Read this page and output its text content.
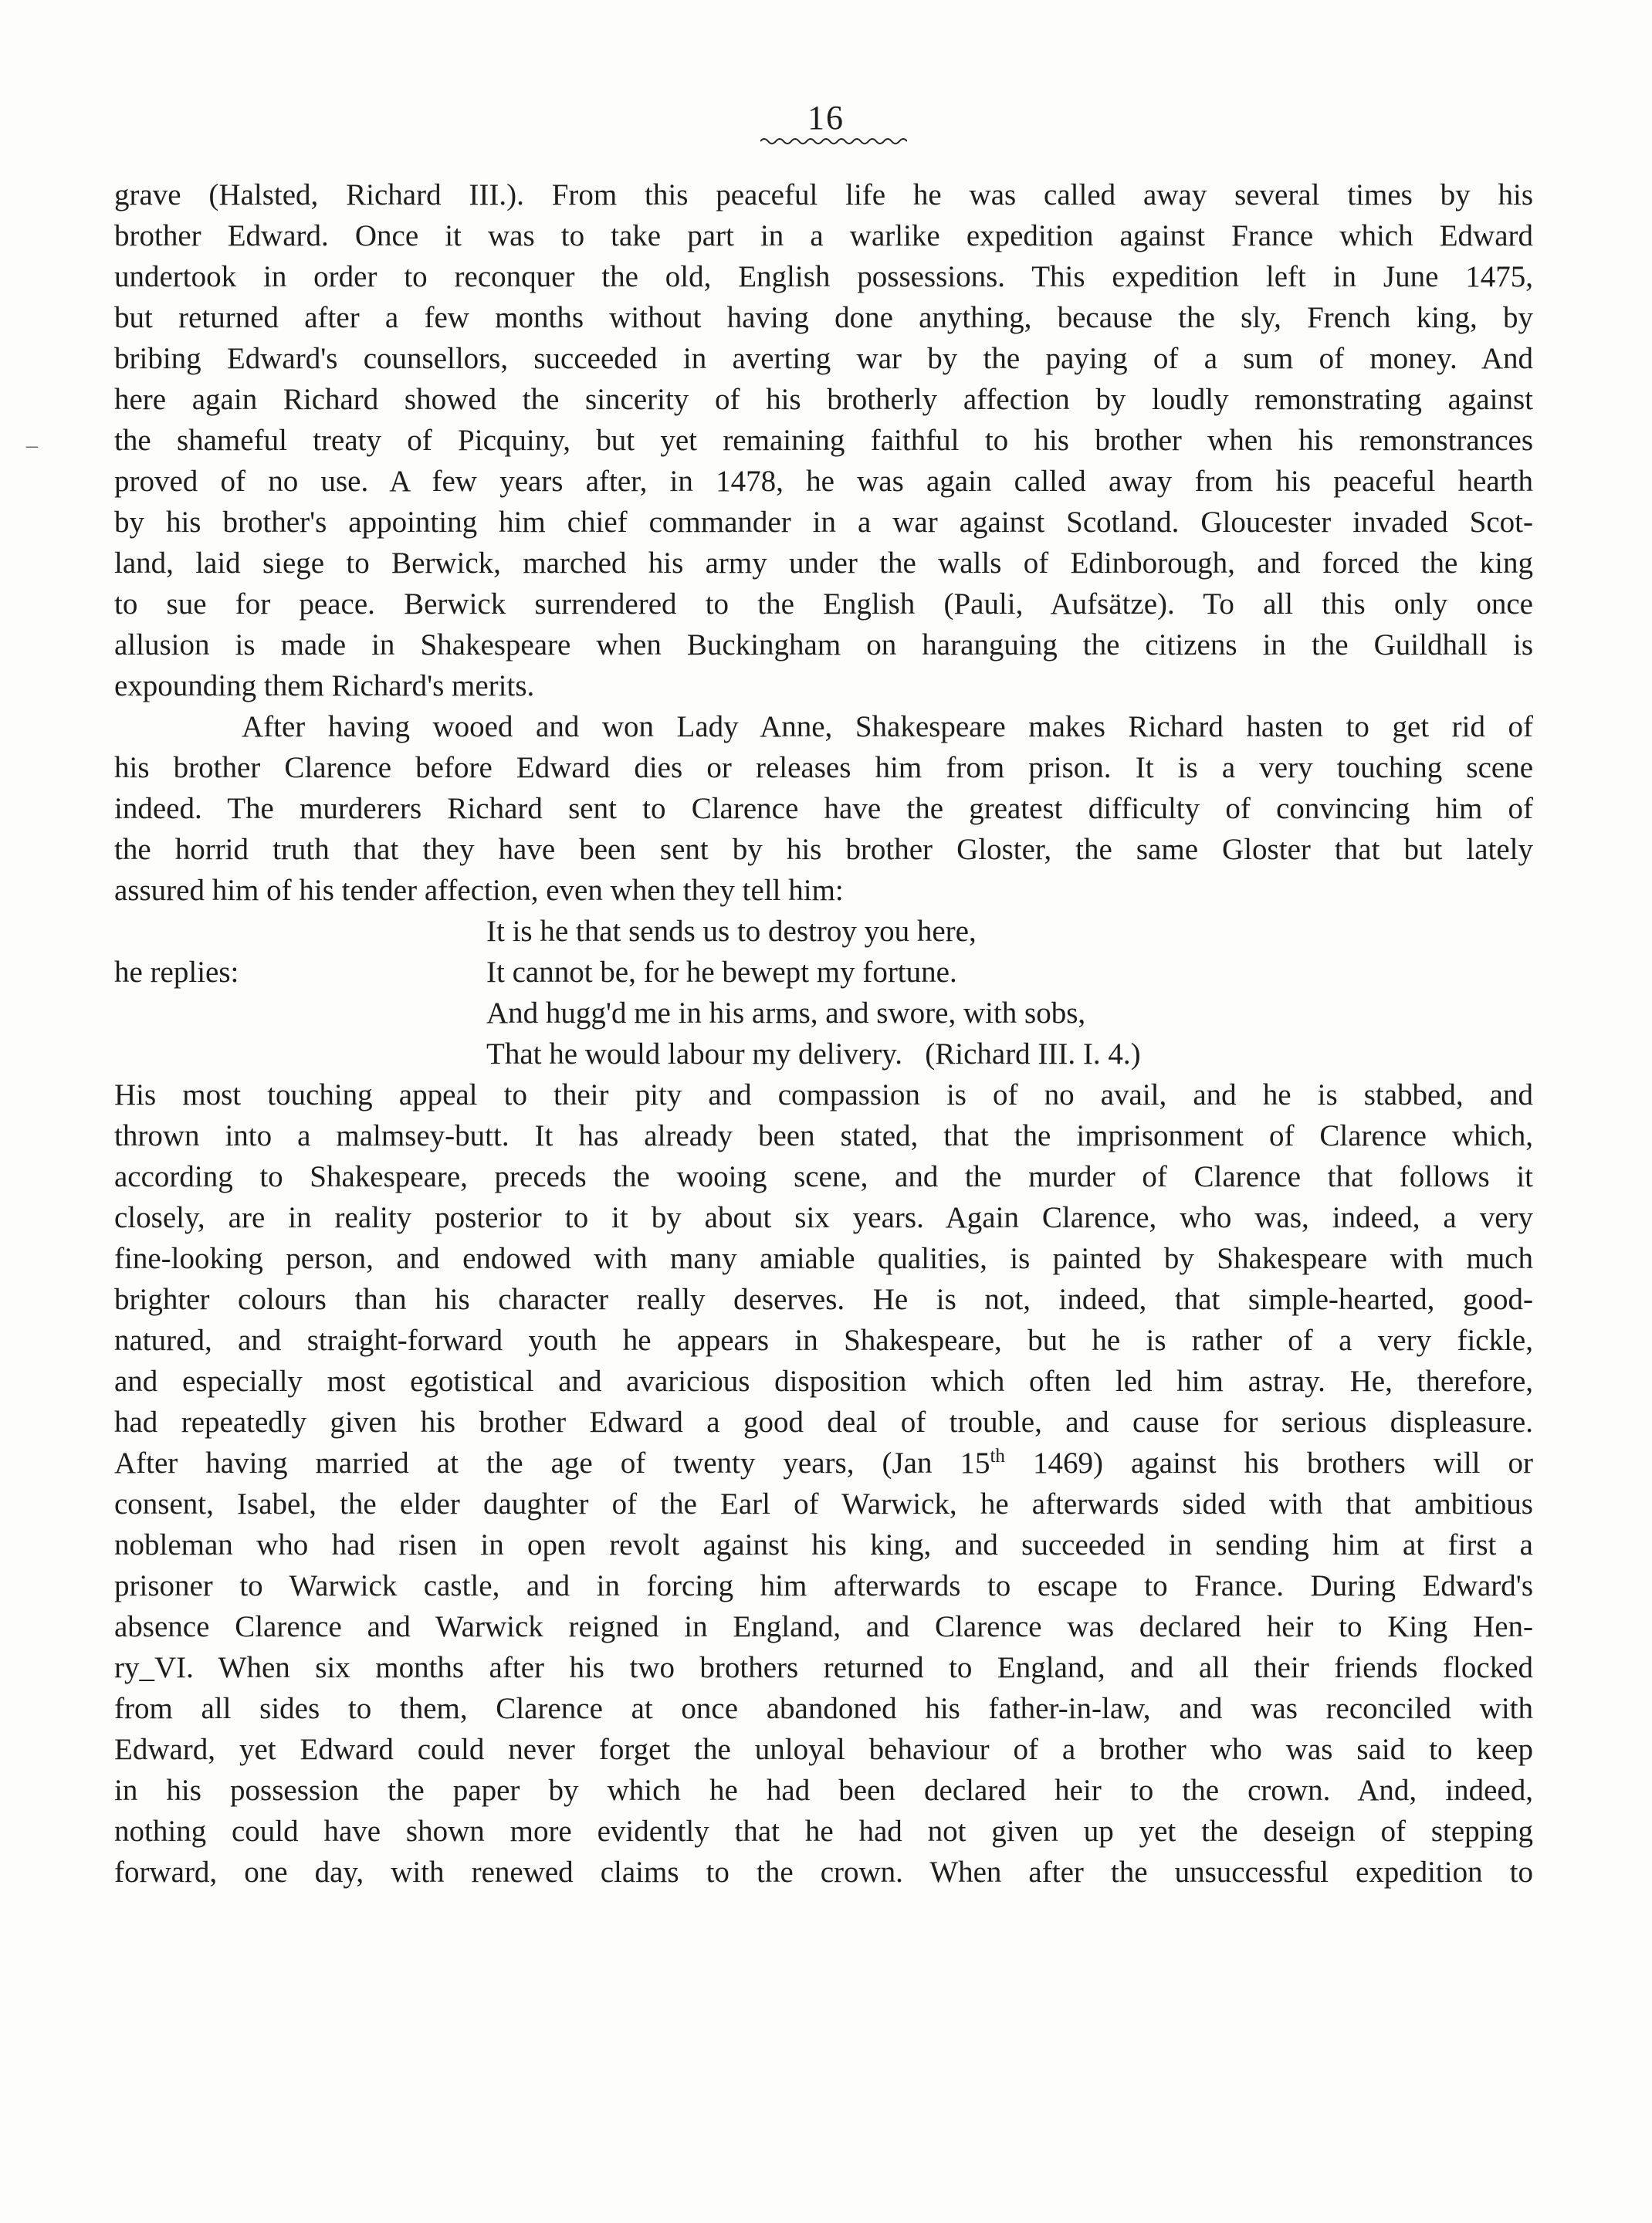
16
–
grave (Halsted, Richard III.). From this peaceful life he was called away several times by his
brother Edward. Once it was to take part in a warlike expedition against France which Edward
undertook in order to reconquer the old, English possessions. This expedition left in June 1475,
but returned after a few months without having done anything, because the sly, French king, by
bribing Edward's counsellors, succeeded in averting war by the paying of a sum of money. And
here again Richard showed the sincerity of his brotherly affection by loudly remonstrating against
the shameful treaty of Picquiny, but yet remaining faithful to his brother when his remonstrances
proved of no use. A few years after, in 1478, he was again called away from his peaceful hearth
by his brother's appointing him chief commander in a war against Scotland. Gloucester invaded Scot-
land, laid siege to Berwick, marched his army under the walls of Edinborough, and forced the king
to sue for peace. Berwick surrendered to the English (Pauli, Aufsätze). To all this only once
allusion is made in Shakespeare when Buckingham on haranguing the citizens in the Guildhall is
expounding them Richard's merits.
After having wooed and won Lady Anne, Shakespeare makes Richard hasten to get rid of
his brother Clarence before Edward dies or releases him from prison. It is a very touching scene
indeed. The murderers Richard sent to Clarence have the greatest difficulty of convincing him of
the horrid truth that they have been sent by his brother Gloster, the same Gloster that but lately
assured him of his tender affection, even when they tell him:
It is he that sends us to destroy you here,
he replies:	It cannot be, for he bewept my fortune.
And hugg'd me in his arms, and swore, with sobs,
That he would labour my delivery.   (Richard III. I. 4.)
His most touching appeal to their pity and compassion is of no avail, and he is stabbed, and
thrown into a malmsey-butt. It has already been stated, that the imprisonment of Clarence which,
according to Shakespeare, preceds the wooing scene, and the murder of Clarence that follows it
closely, are in reality posterior to it by about six years. Again Clarence, who was, indeed, a very
fine-looking person, and endowed with many amiable qualities, is painted by Shakespeare with much
brighter colours than his character really deserves. He is not, indeed, that simple-hearted, good-
natured, and straight-forward youth he appears in Shakespeare, but he is rather of a very fickle,
and especially most egotistical and avaricious disposition which often led him astray. He, therefore,
had repeatedly given his brother Edward a good deal of trouble, and cause for serious displeasure.
After having married at the age of twenty years, (Jan 15th 1469) against his brothers will or
consent, Isabel, the elder daughter of the Earl of Warwick, he afterwards sided with that ambitious
nobleman who had risen in open revolt against his king, and succeeded in sending him at first a
prisoner to Warwick castle, and in forcing him afterwards to escape to France. During Edward's
absence Clarence and Warwick reigned in England, and Clarence was declared heir to King Hen-
ry_VI. When six months after his two brothers returned to England, and all their friends flocked
from all sides to them, Clarence at once abandoned his father-in-law, and was reconciled with
Edward, yet Edward could never forget the unloyal behaviour of a brother who was said to keep
in his possession the paper by which he had been declared heir to the crown. And, indeed,
nothing could have shown more evidently that he had not given up yet the deseign of stepping
forward, one day, with renewed claims to the crown. When after the unsuccessful expedition to
